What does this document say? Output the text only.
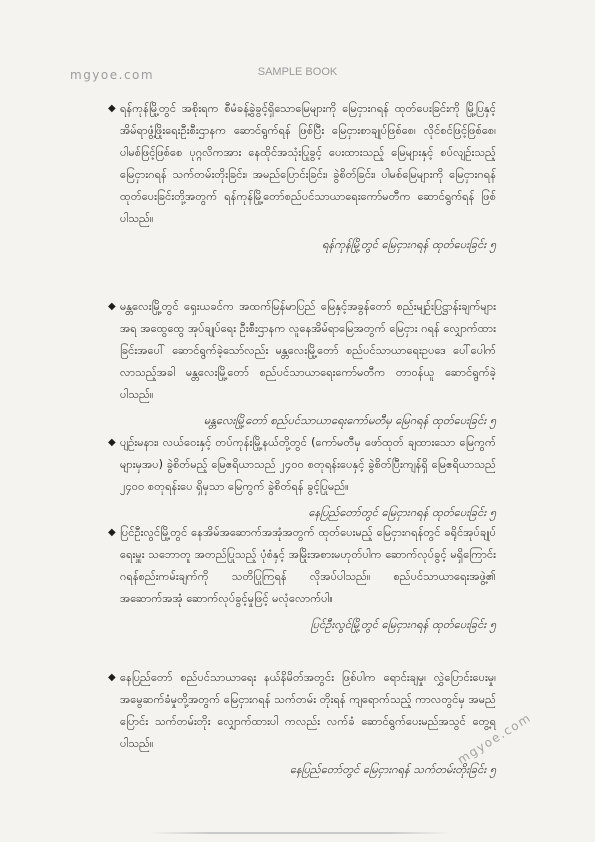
mgyoe.com	SAMPLE BOOK
◆ ရန်ကုန်မြို့တွင် အစိုးရက စီမံခန့်ခွဲခွင့်ရှိသောမြေများကို မြေငှားဂရန် ထုတ်ပေးခြင်းကို မြို့ပြနှင့်အိမ်ရာဖွံ့ဖြိုးရေးဦးစီးဌာနက ဆောင်ရွက်ရန် ဖြစ်ပြီး မြေငှားစာချုပ်ဖြစ်စေ၊ လိုင်စင်ဖြင့်ဖြစ်စေ၊ ပါမစ်ဖြင့်ဖြစ်စေ ပုဂ္ဂလိကအား နေထိုင်အသုံးပြုခွင့် ပေးထားသည့် မြေများနှင့် စပ်လျဉ်းသည့် မြေငှားဂရန် သက်တမ်းတိုးခြင်း၊ အမည်ပြောင်းခြင်း၊ ခွဲစိတ်ခြင်း၊ ပါမစ်မြေများကို မြေငှားဂရန် ထုတ်ပေးခြင်းတို့အတွက် ရန်ကုန်မြို့တော်စည်ပင်သာယာရေးကော်မတီက ဆောင်ရွက်ရန် ဖြစ်ပါသည်။

ရန်ကုန်မြို့တွင် မြေငှားဂရန် ထုတ်ပေးခြင်း ၅

◆ မန္တလေးမြို့တွင် ရှေးယခင်က အထက်မြန်မာပြည် မြေနှင့်အခွန်တော် စည်းမျဉ်းပြဋ္ဌာန်းချက်များအရ အထွေထွေ အုပ်ချုပ်ရေး ဦးစီးဌာနက လူနေအိမ်ရာမြေအတွက် မြေငှား ဂရန် လျှောက်ထားခြင်းအပေါ် ဆောင်ရွက်ခဲ့သော်လည်း မန္တလေးမြို့တော် စည်ပင်သာယာရေးဥပဒေ ပေါ်ပေါက်လာသည့်အခါ မန္တလေးမြို့တော် စည်ပင်သာယာရေးကော်မတီက တာဝန်ယူ ဆောင်ရွက်ခဲ့ပါသည်။

မန္တလေးမြို့တော် စည်ပင်သာယာရေးကော်မတီမှ မြေဂရန် ထုတ်ပေးခြင်း ၅

◆ ပျဉ်းမနား၊ လယ်ဝေးနှင့် တပ်ကုန်းမြို့နယ်တို့တွင် (ကော်မတီမှ ဖော်ထုတ် ချထားသော မြေကွက်များမှအပ) ခွဲစိတ်မည့် မြေဧရိယာသည် ၂၄၀၀ စတုရန်းပေနှင့် ခွဲစိတ်ပြီးကျန်ရှိ မြေဧရိယာသည် ၂၄၀၀ စတုရန်းပေ ရှိမှသာ မြေကွက် ခွဲစိတ်ရန် ခွင့်ပြုမည်။

နေပြည်တော်တွင် မြေငှားဂရန် ထုတ်ပေးခြင်း ၅

◆ ပြင်ဦးလွင်မြို့တွင် နေအိမ်အဆောက်အအုံအတွက် ထုတ်ပေးမည့် မြေငှားဂရန်တွင် ခရိုင်အုပ်ချုပ်ရေးမှူး သဘောတူ အတည်ပြုသည့် ပုံစံနှင့် အမြိုးအစားမဟုတ်ပါက ဆောက်လုပ်ခွင့် မရှိကြောင်း ဂရန်စည်းကမ်းချက်ကို သတိပြုကြရန် လိုအပ်ပါသည်။ စည်ပင်သာယာရေးအဖွဲ့၏ အဆောက်အအုံ ဆောက်လုပ်ခွင့်မှုဖြင့် မလုံလောက်ပါ။

ပြင်ဦးလွင်မြို့တွင် မြေငှားဂရန် ထုတ်ပေးခြင်း ၅

◆ နေပြည်တော် စည်ပင်သာယာရေး နယ်နိမိတ်အတွင်း ဖြစ်ပါက ရောင်းချမှု၊ လွှဲပြောင်းပေးမှု၊ အမွေဆက်ခံမှုတို့အတွက် မြေငှားဂရန် သက်တမ်း တိုးရန် ကျရောက်သည့် ကာလတွင်မှ အမည်ပြောင်း သက်တမ်းတိုး လျှောက်ထားပါ ကလည်း လက်ခံ ဆောင်ရွက်ပေးမည်အသွင် တွေ့ရပါသည်။

နေပြည်တော်တွင် မြေငှားဂရန် သက်တမ်းတိုးခြင်း ၅

mgyoe.com
